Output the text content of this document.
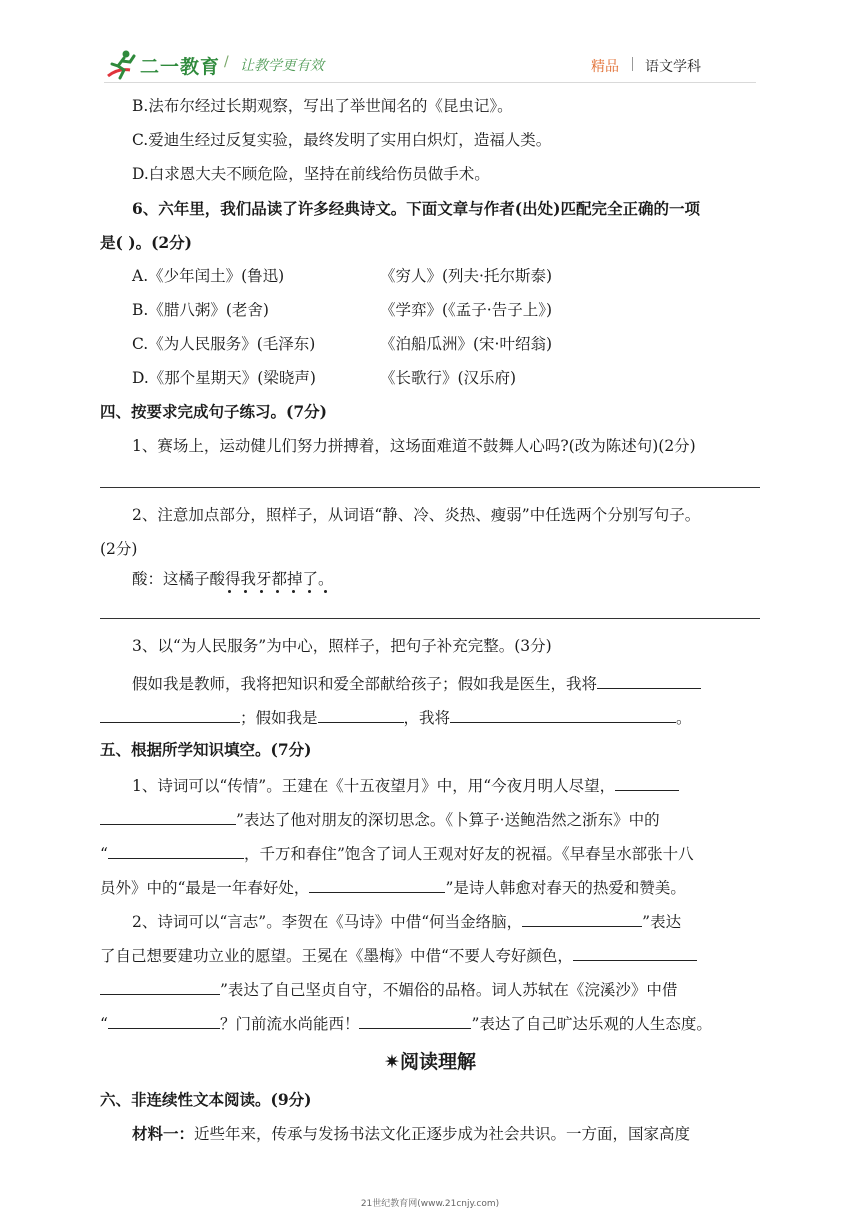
二一教育 / 让教学更有效	精品 语文学科
B.法布尔经过长期观察，写出了举世闻名的《昆虫记》。
C.爱迪生经过反复实验，最终发明了实用白炽灯，造福人类。
D.白求恩大夫不顾危险，坚持在前线给伤员做手术。
6、六年里，我们品读了许多经典诗文。下面文章与作者(出处)匹配完全正确的一项
是( )。(2分)
A.《少年闰土》(鲁迅)	《穷人》(列夫·托尔斯泰)
B.《腊八粥》(老舍)	《学弈》(《孟子·告子上》)
C.《为人民服务》(毛泽东)	《泊船瓜洲》(宋·叶绍翁)
D.《那个星期天》(梁晓声)	《长歌行》(汉乐府)
四、按要求完成句子练习。(7分)
1、赛场上，运动健儿们努力拼搏着，这场面难道不鼓舞人心吗?(改为陈述句)(2分)
2、注意加点部分，照样子，从词语“静、冷、炎热、瘦弱”中任选两个分别写句子。
(2分)
酸：这橘子酸得我牙都掉了。
3、以“为人民服务”为中心，照样子，把句子补充完整。(3分)
假如我是教师，我将把知识和爱全部献给孩子；假如我是医生，我将
；假如我是	，我将	。
五、根据所学知识填空。(7分)
1、诗词可以“传情”。王建在《十五夜望月》中，用“今夜月明人尽望，
”表达了他对朋友的深切思念。《卜算子·送鲍浩然之浙东》中的
“	，千万和春住”饱含了词人王观对好友的祝福。《早春呈水部张十八
员外》中的“最是一年春好处，	”是诗人韩愈对春天的热爱和赞美。
2、诗词可以“言志”。李贺在《马诗》中借“何当金络脑，	”表达
了自己想要建功立业的愿望。王冕在《墨梅》中借“不要人夸好颜色，
”表达了自己坚贞自守，不媚俗的品格。词人苏轼在《浣溪沙》中借
“	？门前流水尚能西！	”表达了自己旷达乐观的人生态度。
✷阅读理解
六、非连续性文本阅读。(9分)
材料一：近些年来，传承与发扬书法文化正逐步成为社会共识。一方面，国家高度
21世纪教育网(www.21cnjy.com)
